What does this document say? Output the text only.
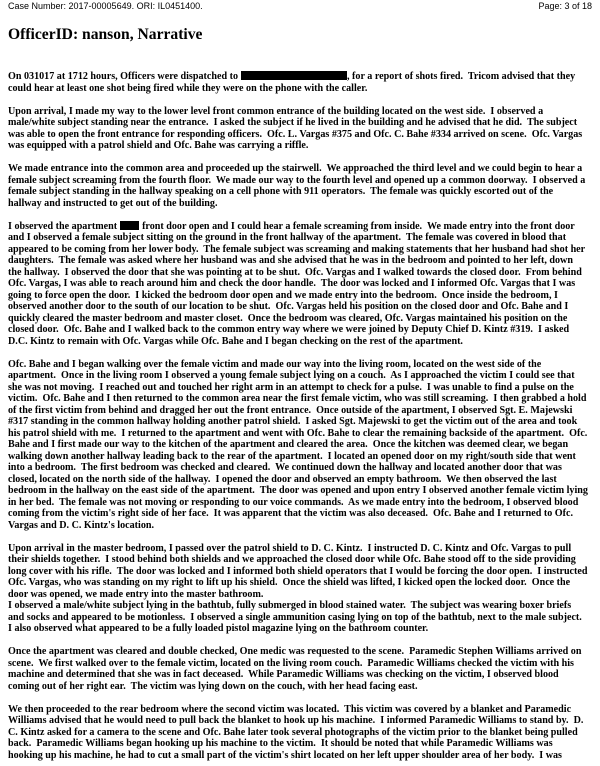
Case Number: 2017-00005649. ORI: IL0451400.	Page: 3 of 18
OfficerID: nanson, Narrative
On 031017 at 1712 hours, Officers were dispatched to	, for a report of shots fired.  Tricom advised that they
could hear at least one shot being fired while they were on the phone with the caller.
Upon arrival, I made my way to the lower level front common entrance of the building located on the west side.  I observed a
male/white subject standing near the entrance.  I asked the subject if he lived in the building and he advised that he did.  The subject
was able to open the front entrance for responding officers.  Ofc. L. Vargas #375 and Ofc. C. Bahe #334 arrived on scene.  Ofc. Vargas
was equipped with a patrol shield and Ofc. Bahe was carrying a riffle.
We made entrance into the common area and proceeded up the stairwell.  We approached the third level and we could begin to hear a
female subject screaming from the fourth floor.  We made our way to the fourth level and opened up a common doorway.  I observed a
female subject standing in the hallway speaking on a cell phone with 911 operators.  The female was quickly escorted out of the
hallway and instructed to get out of the building.
I observed the apartment front door open and I could hear a female screaming from inside.  We made entry into the front door
and I observed a female subject sitting on the ground in the front hallway of the apartment.  The female was covered in blood that
appeared to be coming from her lower body.  The female subject was screaming and making statements that her husband had shot her
daughters.  The female was asked where her husband was and she advised that he was in the bedroom and pointed to her left, down
the hallway.  I observed the door that she was pointing at to be shut.  Ofc. Vargas and I walked towards the closed door.  From behind
Ofc. Vargas, I was able to reach around him and check the door handle.  The door was locked and I informed Ofc. Vargas that I was
going to force open the door.  I kicked the bedroom door open and we made entry into the bedroom.  Once inside the bedroom, I
observed another door to the south of our location to be shut.  Ofc. Vargas held his position on the closed door and Ofc. Bahe and I
quickly cleared the master bedroom and master closet.  Once the bedroom was cleared, Ofc. Vargas maintained his position on the
closed door.  Ofc. Bahe and I walked back to the common entry way where we were joined by Deputy Chief D. Kintz #319.  I asked
D.C. Kintz to remain with Ofc. Vargas while Ofc. Bahe and I began checking on the rest of the apartment.
Ofc. Bahe and I began walking over the female victim and made our way into the living room, located on the west side of the
apartment.  Once in the living room I observed a young female subject lying on a couch.  As I approached the victim I could see that
she was not moving.  I reached out and touched her right arm in an attempt to check for a pulse.  I was unable to find a pulse on the
victim.  Ofc. Bahe and I then returned to the common area near the first female victim, who was still screaming.  I then grabbed a hold
of the first victim from behind and dragged her out the front entrance.  Once outside of the apartment, I observed Sgt. E. Majewski
#317 standing in the common hallway holding another patrol shield.  I asked Sgt. Majewski to get the victim out of the area and took
his patrol shield with me.  I returned to the apartment and went with Ofc. Bahe to clear the remaining backside of the apartment.  Ofc.
Bahe and I first made our way to the kitchen of the apartment and cleared the area.  Once the kitchen was deemed clear, we began
walking down another hallway leading back to the rear of the apartment.  I located an opened door on my right/south side that went
into a bedroom.  The first bedroom was checked and cleared.  We continued down the hallway and located another door that was
closed, located on the north side of the hallway.  I opened the door and observed an empty bathroom.  We then observed the last
bedroom in the hallway on the east side of the apartment.  The door was opened and upon entry I observed another female victim lying
in her bed.  The female was not moving or responding to our voice commands.  As we made entry into the bedroom, I observed blood
coming from the victim's right side of her face.  It was apparent that the victim was also deceased.  Ofc. Bahe and I returned to Ofc.
Vargas and D. C. Kintz's location.
Upon arrival in the master bedroom, I passed over the patrol shield to D. C. Kintz.  I instructed D. C. Kintz and Ofc. Vargas to pull
their shields together.  I stood behind both shields and we approached the closed door while Ofc. Bahe stood off to the side providing
long cover with his rifle.  The door was locked and I informed both shield operators that I would be forcing the door open.  I instructed
Ofc. Vargas, who was standing on my right to lift up his shield.  Once the shield was lifted, I kicked open the locked door.  Once the
door was opened, we made entry into the master bathroom.
I observed a male/white subject lying in the bathtub, fully submerged in blood stained water.  The subject was wearing boxer briefs
and socks and appeared to be motionless.  I observed a single ammunition casing lying on top of the bathtub, next to the male subject.
I also observed what appeared to be a fully loaded pistol magazine lying on the bathroom counter.
Once the apartment was cleared and double checked, One medic was requested to the scene.  Paramedic Stephen Williams arrived on
scene.  We first walked over to the female victim, located on the living room couch.  Paramedic Williams checked the victim with his
machine and determined that she was in fact deceased.  While Paramedic Williams was checking on the victim, I observed blood
coming out of her right ear.  The victim was lying down on the couch, with her head facing east.
We then proceeded to the rear bedroom where the second victim was located.  This victim was covered by a blanket and Paramedic
Williams advised that he would need to pull back the blanket to hook up his machine.  I informed Paramedic Williams to stand by.  D.
C. Kintz asked for a camera to the scene and Ofc. Bahe later took several photographs of the victim prior to the blanket being pulled
back.  Paramedic Williams began hooking up his machine to the victim.  It should be noted that while Paramedic Williams was
hooking up his machine, he had to cut a small part of the victim's shirt located on her left upper shoulder area of her body.  I was
